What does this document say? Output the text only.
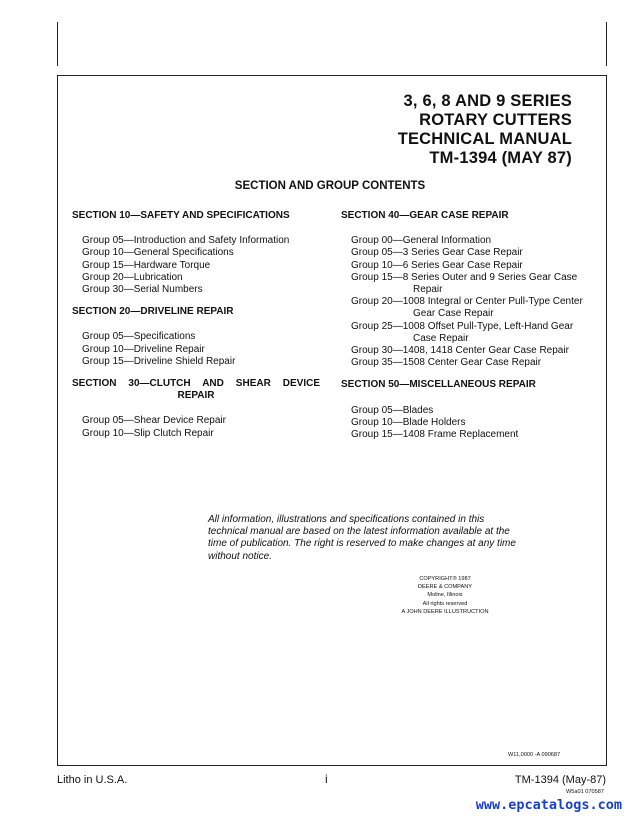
3, 6, 8 AND 9 SERIES
ROTARY CUTTERS
TECHNICAL MANUAL
TM-1394 (MAY 87)
SECTION AND GROUP CONTENTS
SECTION 10—SAFETY AND SPECIFICATIONS
Group 05—Introduction and Safety Information
Group 10—General Specifications
Group 15—Hardware Torque
Group 20—Lubrication
Group 30—Serial Numbers
SECTION 20—DRIVELINE REPAIR
Group 05—Specifications
Group 10—Driveline Repair
Group 15—Driveline Shield Repair
SECTION 30—CLUTCH AND SHEAR DEVICE REPAIR
Group 05—Shear Device Repair
Group 10—Slip Clutch Repair
SECTION 40—GEAR CASE REPAIR
Group 00—General Information
Group 05—3 Series Gear Case Repair
Group 10—6 Series Gear Case Repair
Group 15—8 Series Outer and 9 Series Gear Case
Repair
Group 20—1008 Integral or Center Pull-Type Center
Gear Case Repair
Group 25—1008 Offset Pull-Type, Left-Hand Gear
Case Repair
Group 30—1408, 1418 Center Gear Case Repair
Group 35—1508 Center Gear Case Repair
SECTION 50—MISCELLANEOUS REPAIR
Group 05—Blades
Group 10—Blade Holders
Group 15—1408 Frame Replacement
All information, illustrations and specifications contained in this technical manual are based on the latest information available at the time of publication. The right is reserved to make changes at any time without notice.
COPYRIGHT® 1987
DEERE & COMPANY
Moline, Illinois
All rights reserved
A JOHN DEERE ILLUSTRUCTION
W11,0000 -A 090687
Litho in U.S.A.	i	TM-1394 (May-87)
W5a01 070587
www.epcatalogs.com
